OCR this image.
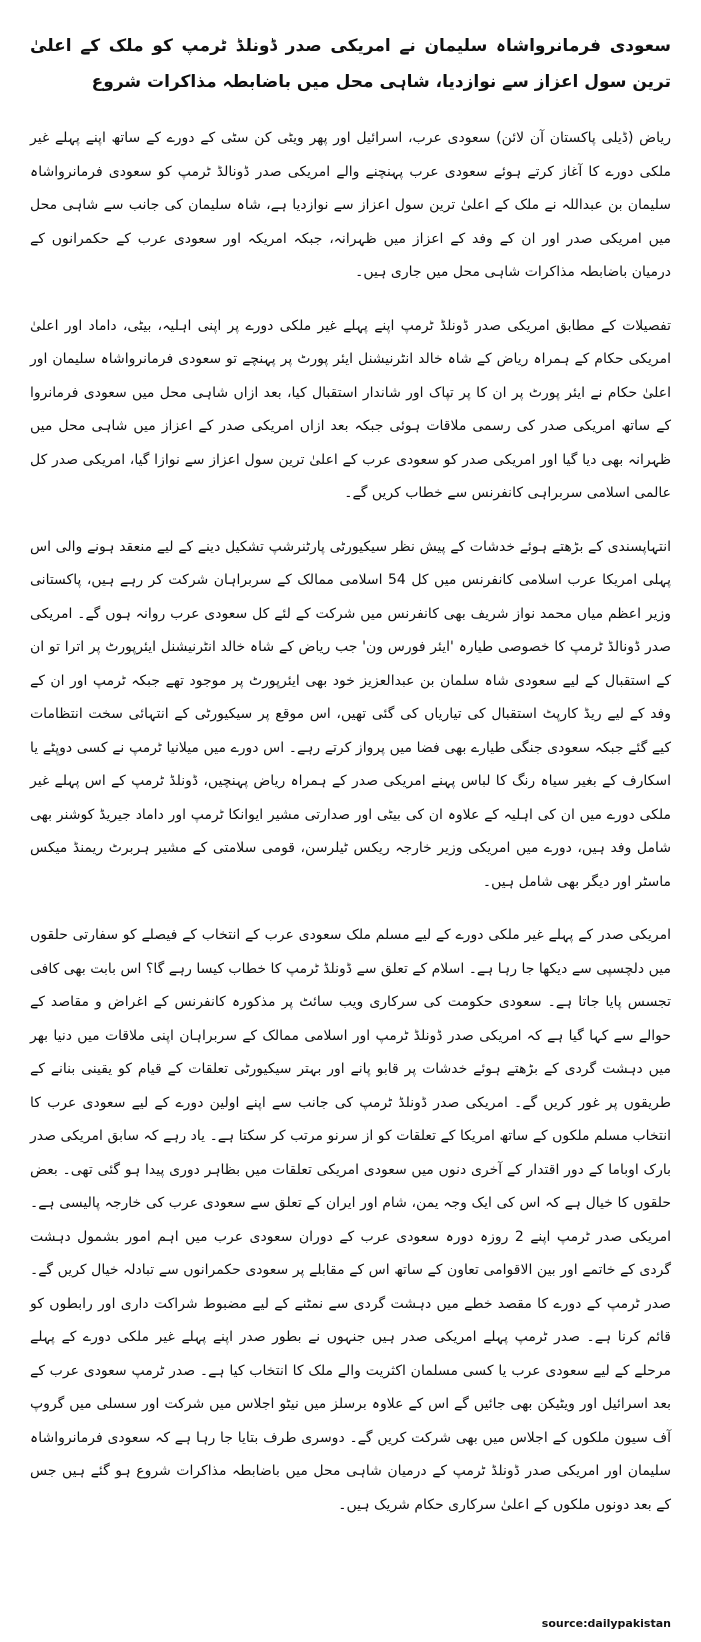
سعودی فرمانرواشاہ سلیمان نے امریکی صدر ڈونلڈ ٹرمپ کو ملک کے اعلیٰ ترین سول اعزاز سے نوازدیا، شاہی محل میں باضابطہ مذاکرات شروع
ریاض (ڈیلی پاکستان آن لائن) سعودی عرب، اسرائیل اور پھر ویٹی کن سٹی کے دورے کے ساتھ اپنے پہلے غیر ملکی دورے کا آغاز کرتے ہوئے سعودی عرب پہنچنے والے امریکی صدر ڈونالڈ ٹرمپ کو سعودی فرمانرواشاہ سلیمان بن عبداللہ نے ملک کے اعلیٰ ترین سول اعزاز سے نوازدیا ہے، شاہ سلیمان کی جانب سے شاہی محل میں امریکی صدر اور ان کے وفد کے اعزاز میں ظہرانہ، جبکہ امریکہ اور سعودی عرب کے حکمرانوں کے درمیان باضابطہ مذاکرات شاہی محل میں جاری ہیں۔
تفصیلات کے مطابق امریکی صدر ڈونلڈ ٹرمپ اپنے پہلے غیر ملکی دورے پر اپنی اہلیہ، بیٹی، داماد اور اعلیٰ امریکی حکام کے ہمراہ ریاض کے شاہ خالد انٹرنیشنل ایئر پورٹ پر پہنچے تو سعودی فرمانرواشاہ سلیمان اور اعلیٰ حکام نے ایئر پورٹ پر ان کا پر تپاک اور شاندار استقبال کیا، بعد ازاں شاہی محل میں سعودی فرمانروا کے ساتھ امریکی صدر کی رسمی ملاقات ہوئی جبکہ بعد ازاں امریکی صدر کے اعزاز میں شاہی محل میں ظہرانہ بھی دیا گیا اور امریکی صدر کو سعودی عرب کے اعلیٰ ترین سول اعزاز سے نوازا گیا، امریکی صدر کل عالمی اسلامی سربراہی کانفرنس سے خطاب کریں گے۔
انتہاپسندی کے بڑھتے ہوئے خدشات کے پیش نظر سیکیورٹی پارٹنرشپ تشکیل دینے کے لیے منعقد ہونے والی اس پہلی امریکا عرب اسلامی کانفرنس میں کل 54 اسلامی ممالک کے سربراہان شرکت کر رہے ہیں، پاکستانی وزیر اعظم میاں محمد نواز شریف بھی کانفرنس میں شرکت کے لئے کل سعودی عرب روانہ ہوں گے۔ امریکی صدر ڈونالڈ ٹرمپ کا خصوصی طیارہ 'ایئر فورس ون' جب ریاض کے شاہ خالد انٹرنیشنل ایئرپورٹ پر اترا تو ان کے استقبال کے لیے سعودی شاہ سلمان بن عبدالعزیز خود بھی ایئرپورٹ پر موجود تھے جبکہ ٹرمپ اور ان کے وفد کے لیے ریڈ کارپٹ استقبال کی تیاریاں کی گئی تھیں، اس موقع پر سیکیورٹی کے انتہائی سخت انتظامات کیے گئے جبکہ سعودی جنگی طیارے بھی فضا میں پرواز کرتے رہے۔ اس دورے میں میلانیا ٹرمپ نے کسی دوپٹے یا اسکارف کے بغیر سیاہ رنگ کا لباس پہنے امریکی صدر کے ہمراہ ریاض پہنچیں، ڈونلڈ ٹرمپ کے اس پہلے غیر ملکی دورے میں ان کی اہلیہ کے علاوہ ان کی بیٹی اور صدارتی مشیر ایوانکا ٹرمپ اور داماد جیریڈ کوشنر بھی شامل وفد ہیں، دورے میں امریکی وزیر خارجہ ریکس ٹیلرسن، قومی سلامتی کے مشیر ہربرٹ ریمنڈ میکس ماسٹر اور دیگر بھی شامل ہیں۔
امریکی صدر کے پہلے غیر ملکی دورے کے لیے مسلم ملک سعودی عرب کے انتخاب کے فیصلے کو سفارتی حلقوں میں دلچسپی سے دیکھا جا رہا ہے۔ اسلام کے تعلق سے ڈونلڈ ٹرمپ کا خطاب کیسا رہے گا؟ اس بابت بھی کافی تجسس پایا جاتا ہے۔ سعودی حکومت کی سرکاری ویب سائٹ پر مذکورہ کانفرنس کے اغراض و مقاصد کے حوالے سے کہا گیا ہے کہ امریکی صدر ڈونلڈ ٹرمپ اور اسلامی ممالک کے سربراہان اپنی ملاقات میں دنیا بھر میں دہشت گردی کے بڑھتے ہوئے خدشات پر قابو پانے اور بہتر سیکیورٹی تعلقات کے قیام کو یقینی بنانے کے طریقوں پر غور کریں گے۔ امریکی صدر ڈونلڈ ٹرمپ کی جانب سے اپنے اولین دورے کے لیے سعودی عرب کا انتخاب مسلم ملکوں کے ساتھ امریکا کے تعلقات کو از سرنو مرتب کر سکتا ہے۔ یاد رہے کہ سابق امریکی صدر بارک اوباما کے دور اقتدار کے آخری دنوں میں سعودی امریکی تعلقات میں بظاہر دوری پیدا ہو گئی تھی۔ بعض حلقوں کا خیال ہے کہ اس کی ایک وجہ یمن، شام اور ایران کے تعلق سے سعودی عرب کی خارجہ پالیسی ہے۔ امریکی صدر ٹرمپ اپنے 2 روزہ دورہ سعودی عرب کے دوران سعودی عرب میں اہم امور بشمول دہشت گردی کے خاتمے اور بین الاقوامی تعاون کے ساتھ اس کے مقابلے پر سعودی حکمرانوں سے تبادلہ خیال کریں گے۔ صدر ٹرمپ کے دورے کا مقصد خطے میں دہشت گردی سے نمٹنے کے لیے مضبوط شراکت داری اور رابطوں کو قائم کرنا ہے۔ صدر ٹرمپ پہلے امریکی صدر ہیں جنہوں نے بطور صدر اپنے پہلے غیر ملکی دورے کے پہلے مرحلے کے لیے سعودی عرب یا کسی مسلمان اکثریت والے ملک کا انتخاب کیا ہے۔ صدر ٹرمپ سعودی عرب کے بعد اسرائیل اور ویٹیکن بھی جائیں گے اس کے علاوہ برسلز میں نیٹو اجلاس میں شرکت اور سسلی میں گروپ آف سیون ملکوں کے اجلاس میں بھی شرکت کریں گے۔ دوسری طرف بتایا جا رہا ہے کہ سعودی فرمانرواشاہ سلیمان اور امریکی صدر ڈونلڈ ٹرمپ کے درمیان شاہی محل میں باضابطہ مذاکرات شروع ہو گئے ہیں جس کے بعد دونوں ملکوں کے اعلیٰ سرکاری حکام شریک ہیں۔
source:dailypakistan
